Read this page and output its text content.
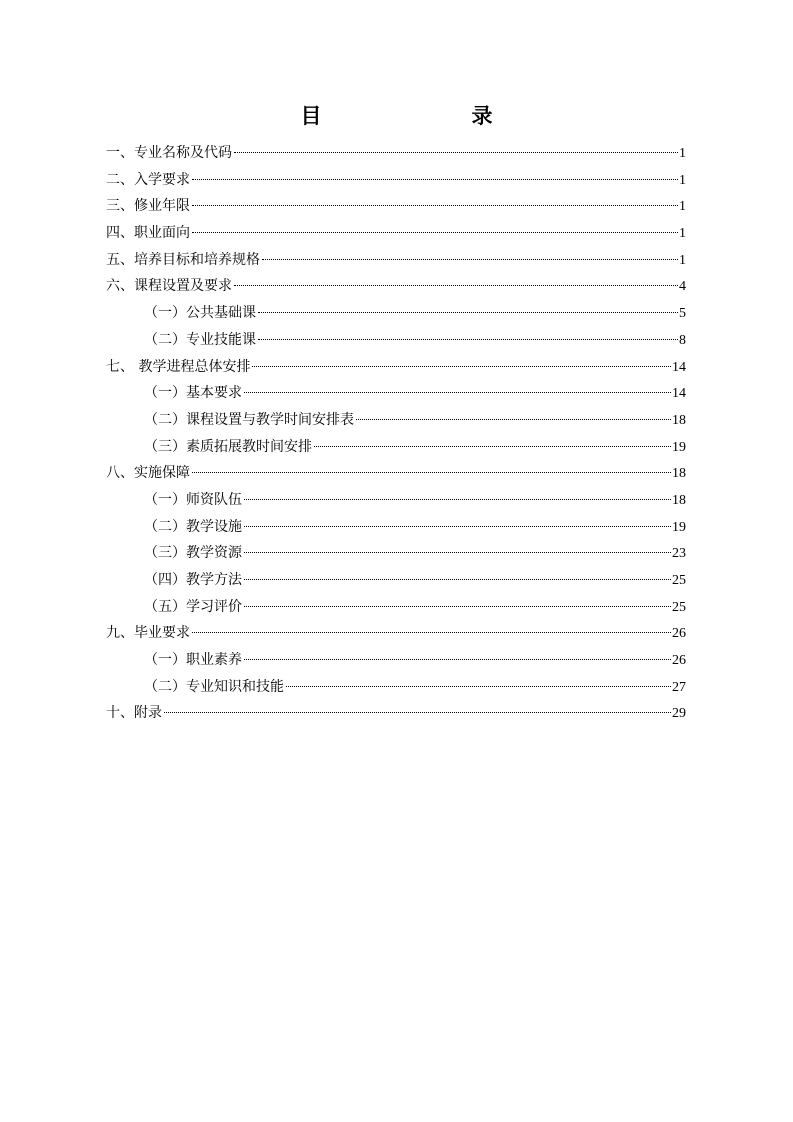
目　　录
一、专业名称及代码	1
二、入学要求	1
三、修业年限	1
四、职业面向	1
五、培养目标和培养规格	1
六、课程设置及要求	4
（一）公共基础课	5
（二）专业技能课	8
七、 教学进程总体安排	14
（一）基本要求	14
（二）课程设置与教学时间安排表	18
（三）素质拓展教时间安排	19
八、实施保障	18
（一）师资队伍	18
（二）教学设施	19
（三）教学资源	23
（四）教学方法	25
（五）学习评价	25
九、毕业要求	26
（一）职业素养	26
（二）专业知识和技能	27
十、附录	29
